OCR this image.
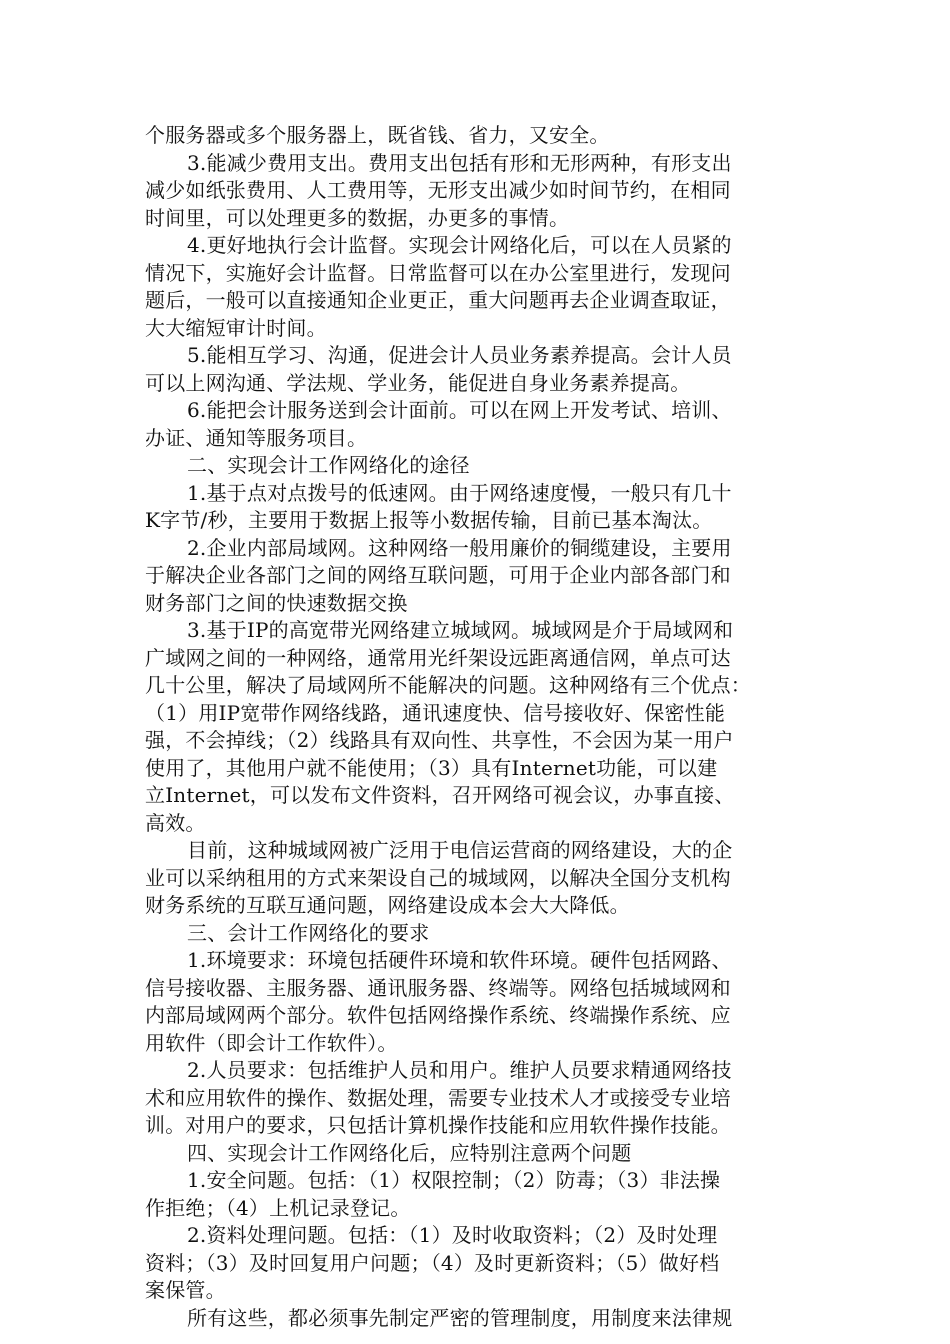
个服务器或多个服务器上，既省钱、省力，又安全。
3.能减少费用支出。费用支出包括有形和无形两种，有形支出
减少如纸张费用、人工费用等，无形支出减少如时间节约，在相同
时间里，可以处理更多的数据，办更多的事情。
4.更好地执行会计监督。实现会计网络化后，可以在人员紧的
情况下，实施好会计监督。日常监督可以在办公室里进行，发现问
题后，一般可以直接通知企业更正，重大问题再去企业调查取证，
大大缩短审计时间。
5.能相互学习、沟通，促进会计人员业务素养提高。会计人员
可以上网沟通、学法规、学业务，能促进自身业务素养提高。
6.能把会计服务送到会计面前。可以在网上开发考试、培训、
办证、通知等服务项目。
二、实现会计工作网络化的途径
1.基于点对点拨号的低速网。由于网络速度慢，一般只有几十
K字节/秒，主要用于数据上报等小数据传输，目前已基本淘汰。
2.企业内部局域网。这种网络一般用廉价的铜缆建设，主要用
于解决企业各部门之间的网络互联问题，可用于企业内部各部门和
财务部门之间的快速数据交换
3.基于IP的高宽带光网络建立城域网。城域网是介于局域网和
广域网之间的一种网络，通常用光纤架设远距离通信网，单点可达
几十公里，解决了局域网所不能解决的问题。这种网络有三个优点：
（1）用IP宽带作网络线路，通讯速度快、信号接收好、保密性能
强，不会掉线；（2）线路具有双向性、共享性，不会因为某一用户
使用了，其他用户就不能使用；（3）具有Internet功能，可以建
立Internet，可以发布文件资料，召开网络可视会议，办事直接、
高效。
目前，这种城域网被广泛用于电信运营商的网络建设，大的企
业可以采纳租用的方式来架设自己的城域网，以解决全国分支机构
财务系统的互联互通问题，网络建设成本会大大降低。
三、会计工作网络化的要求
1.环境要求：环境包括硬件环境和软件环境。硬件包括网路、
信号接收器、主服务器、通讯服务器、终端等。网络包括城域网和
内部局域网两个部分。软件包括网络操作系统、终端操作系统、应
用软件（即会计工作软件）。
2.人员要求：包括维护人员和用户。维护人员要求精通网络技
术和应用软件的操作、数据处理，需要专业技术人才或接受专业培
训。对用户的要求，只包括计算机操作技能和应用软件操作技能。
四、实现会计工作网络化后，应特别注意两个问题
1.安全问题。包括：（1）权限控制；（2）防毒；（3）非法操
作拒绝；（4）上机记录登记。
2.资料处理问题。包括：（1）及时收取资料；（2）及时处理
资料；（3）及时回复用户问题；（4）及时更新资料；（5）做好档
案保管。
所有这些，都必须事先制定严密的管理制度，用制度来法律规
